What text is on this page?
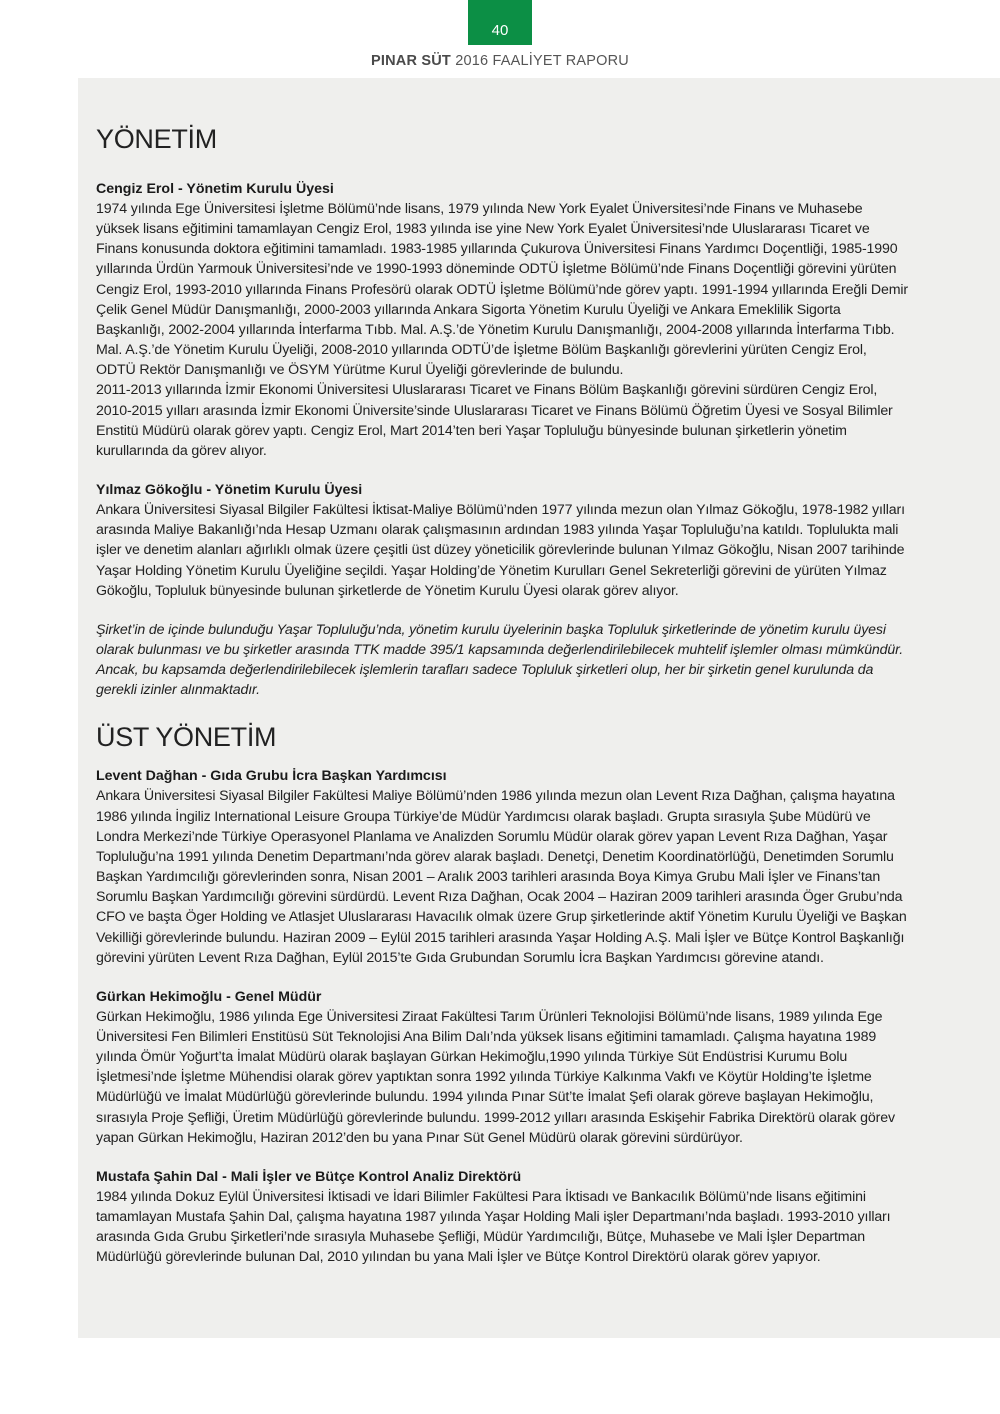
40
PINAR SÜT 2016 FAALİYET RAPORU
YÖNETİM
Cengiz Erol - Yönetim Kurulu Üyesi

1974 yılında Ege Üniversitesi İşletme Bölümü’nde lisans, 1979 yılında New York Eyalet Üniversitesi’nde Finans ve Muhasebe yüksek lisans eğitimini tamamlayan Cengiz Erol, 1983 yılında ise yine New York Eyalet Üniversitesi’nde Uluslararası Ticaret ve Finans konusunda doktora eğitimini tamamladı. 1983-1985 yıllarında Çukurova Üniversitesi Finans Yardımcı Doçentliği, 1985-1990 yıllarında Ürdün Yarmouk Üniversitesi’nde ve 1990-1993 döneminde ODTÜ İşletme Bölümü’nde Finans Doçentliği görevini yürüten Cengiz Erol, 1993-2010 yıllarında Finans Profesörü olarak ODTÜ İşletme Bölümü’nde görev yaptı. 1991-1994 yıllarında Ereğli Demir Çelik Genel Müdür Danışmanlığı, 2000-2003 yıllarında Ankara Sigorta Yönetim Kurulu Üyeliği ve Ankara Emeklilik Sigorta Başkanlığı, 2002-2004 yıllarında İnterfarma Tıbb. Mal. A.Ş.’de Yönetim Kurulu Danışmanlığı, 2004-2008 yıllarında İnterfarma Tıbb. Mal. A.Ş.’de Yönetim Kurulu Üyeliği, 2008-2010 yıllarında ODTÜ’de İşletme Bölüm Başkanlığı görevlerini yürüten Cengiz Erol, ODTÜ Rektör Danışmanlığı ve ÖSYM Yürütme Kurul Üyeliği görevlerinde de bulundu.

2011-2013 yıllarında İzmir Ekonomi Üniversitesi Uluslararası Ticaret ve Finans Bölüm Başkanlığı görevini sürdüren Cengiz Erol, 2010-2015 yılları arasında İzmir Ekonomi Üniversite’sinde Uluslararası Ticaret ve Finans Bölümü Öğretim Üyesi ve Sosyal Bilimler Enstitü Müdürü olarak görev yaptı. Cengiz Erol, Mart 2014’ten beri Yaşar Topluluğu bünyesinde bulunan şirketlerin yönetim kurullarında da görev alıyor.

Yılmaz Gökoğlu - Yönetim Kurulu Üyesi

Ankara Üniversitesi Siyasal Bilgiler Fakültesi İktisat-Maliye Bölümü’nden 1977 yılında mezun olan Yılmaz Gökoğlu, 1978-1982 yılları arasında Maliye Bakanlığı’nda Hesap Uzmanı olarak çalışmasının ardından 1983 yılında Yaşar Topluluğu’na katıldı. Toplulukta mali işler ve denetim alanları ağırlıklı olmak üzere çeşitli üst düzey yöneticilik görevlerinde bulunan Yılmaz Gökoğlu, Nisan 2007 tarihinde Yaşar Holding Yönetim Kurulu Üyeliğine seçildi. Yaşar Holding’de Yönetim Kurulları Genel Sekreterliği görevini de yürüten Yılmaz Gökoğlu, Topluluk bünyesinde bulunan şirketlerde de Yönetim Kurulu Üyesi olarak görev alıyor.

Şirket’in de içinde bulunduğu Yaşar Topluluğu’nda, yönetim kurulu üyelerinin başka Topluluk şirketlerinde de yönetim kurulu üyesi olarak bulunması ve bu şirketler arasında TTK madde 395/1 kapsamında değerlendirilebilecek muhtelif işlemler olması mümkündür. Ancak, bu kapsamda değerlendirilebilecek işlemlerin tarafları sadece Topluluk şirketleri olup, her bir şirketin genel kurulunda da gerekli izinler alınmaktadır.

ÜST YÖNETİM
Levent Dağhan - Gıda Grubu İcra Başkan Yardımcısı

Ankara Üniversitesi Siyasal Bilgiler Fakültesi Maliye Bölümü’nden 1986 yılında mezun olan Levent Rıza Dağhan, çalışma hayatına 1986 yılında İngiliz International Leisure Groupa Türkiye’de Müdür Yardımcısı olarak başladı. Grupta sırasıyla Şube Müdürü ve Londra Merkezi’nde Türkiye Operasyonel Planlama ve Analizden Sorumlu Müdür olarak görev yapan Levent Rıza Dağhan, Yaşar Topluluğu’na 1991 yılında Denetim Departmanı’nda görev alarak başladı. Denetçi, Denetim Koordinatörlüğü, Denetimden Sorumlu Başkan Yardımcılığı görevlerinden sonra, Nisan 2001 – Aralık 2003 tarihleri arasında Boya Kimya Grubu Mali İşler ve Finans’tan Sorumlu Başkan Yardımcılığı görevini sürdürdü. Levent Rıza Dağhan, Ocak 2004 – Haziran 2009 tarihleri arasında Öger Grubu’nda CFO ve başta Öger Holding ve Atlasjet Uluslararası Havacılık olmak üzere Grup şirketlerinde aktif Yönetim Kurulu Üyeliği ve Başkan Vekilliği görevlerinde bulundu. Haziran 2009 – Eylül 2015 tarihleri arasında Yaşar Holding A.Ş. Mali İşler ve Bütçe Kontrol Başkanlığı görevini yürüten Levent Rıza Dağhan, Eylül 2015’te Gıda Grubundan Sorumlu İcra Başkan Yardımcısı görevine atandı.

Gürkan Hekimoğlu - Genel Müdür

Gürkan Hekimoğlu, 1986 yılında Ege Üniversitesi Ziraat Fakültesi Tarım Ürünleri Teknolojisi Bölümü’nde lisans, 1989 yılında Ege Üniversitesi Fen Bilimleri Enstitüsü Süt Teknolojisi Ana Bilim Dalı’nda yüksek lisans eğitimini tamamladı. Çalışma hayatına 1989 yılında Ömür Yoğurt’ta İmalat Müdürü olarak başlayan Gürkan Hekimoğlu,1990 yılında Türkiye Süt Endüstrisi Kurumu Bolu İşletmesi’nde İşletme Mühendisi olarak görev yaptıktan sonra 1992 yılında Türkiye Kalkınma Vakfı ve Köytür Holding’te İşletme Müdürlüğü ve İmalat Müdürlüğü görevlerinde bulundu. 1994 yılında Pınar Süt’te İmalat Şefi olarak göreve başlayan Hekimoğlu, sırasıyla Proje Şefliği, Üretim Müdürlüğü görevlerinde bulundu. 1999-2012 yılları arasında Eskişehir Fabrika Direktörü olarak görev yapan Gürkan Hekimoğlu, Haziran 2012’den bu yana Pınar Süt Genel Müdürü olarak görevini sürdürüyor.

Mustafa Şahin Dal - Mali İşler ve Bütçe Kontrol Analiz Direktörü

1984 yılında Dokuz Eylül Üniversitesi İktisadi ve İdari Bilimler Fakültesi Para İktisadı ve Bankacılık Bölümü’nde lisans eğitimini tamamlayan Mustafa Şahin Dal, çalışma hayatına 1987 yılında Yaşar Holding Mali işler Departmanı’nda başladı. 1993-2010 yılları arasında Gıda Grubu Şirketleri’nde sırasıyla Muhasebe Şefliği, Müdür Yardımcılığı, Bütçe, Muhasebe ve Mali İşler Departman Müdürlüğü görevlerinde bulunan Dal, 2010 yılından bu yana Mali İşler ve Bütçe Kontrol Direktörü olarak görev yapıyor.
